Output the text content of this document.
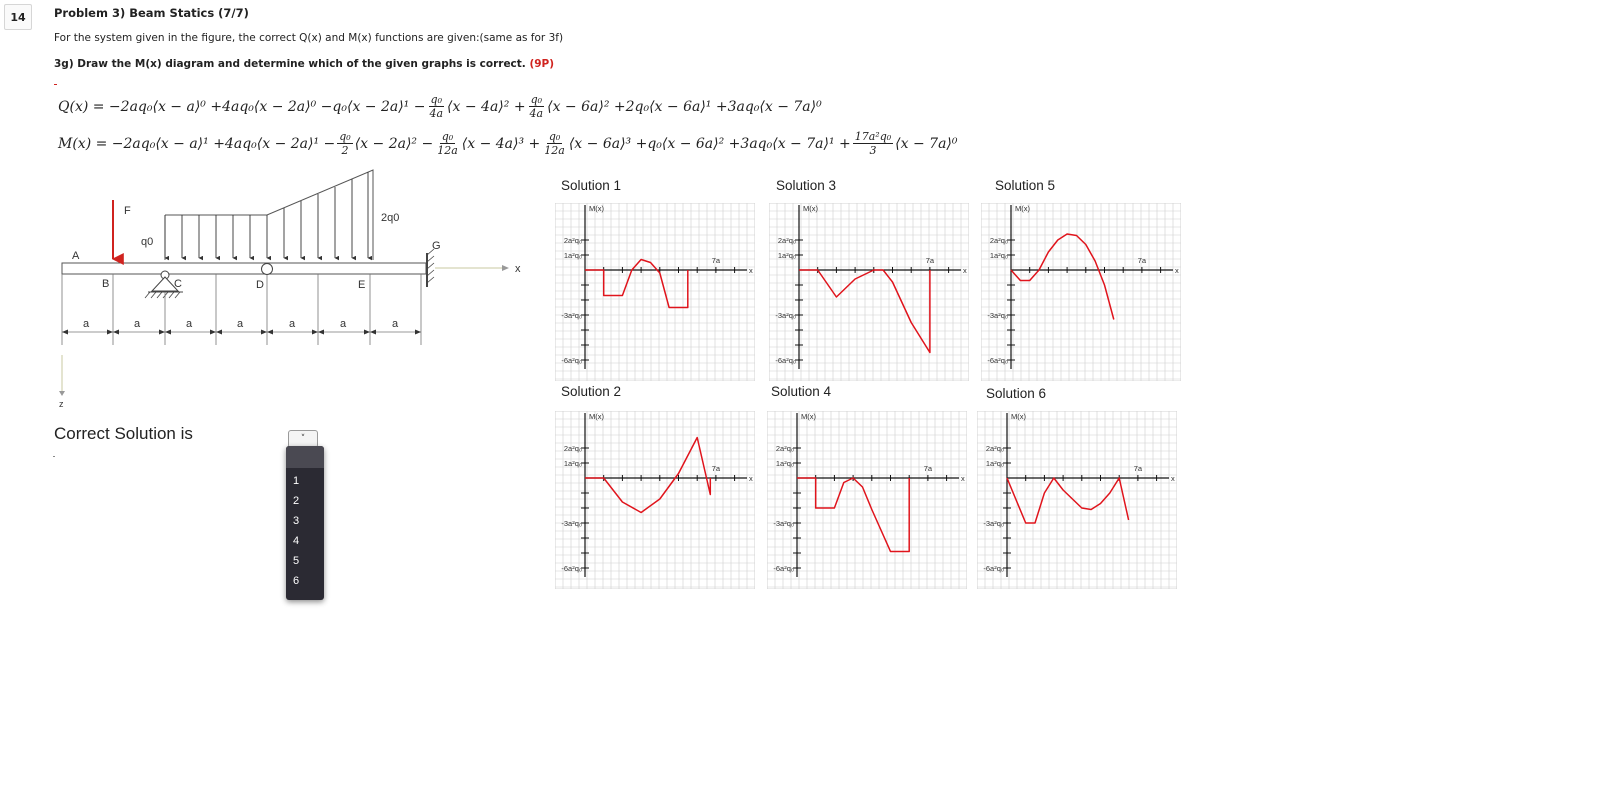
14	Problem 3) Beam Statics (7/7)
For the system given in the figure, the correct Q(x) and M(x) functions are given:(same as for 3f)
3g) Draw the M(x) diagram and determine which of the given graphs is correct. (9P)
Q(x) = −2aq₀⟨x − a⟩⁰ +4aq₀⟨x − 2a⟩⁰ −q₀⟨x − 2a⟩¹ − $\frac{\text{q₀}}{4a}$ ⟨x − 4a⟩² + $\frac{\text{q₀}}{4a}$ ⟨x − 6a⟩² +2q₀⟨x − 6a⟩¹ +3aq₀⟨x − 7a⟩⁰
M(x) = −2aq₀⟨x − a⟩¹ +4aq₀⟨x − 2a⟩¹ − $\frac{\text{q₀}}{2}$ ⟨x − 2a⟩² − $\frac{\text{q₀}}{12a}$ ⟨x − 4a⟩³ + $\frac{\text{q₀}}{12a}$ ⟨x − 6a⟩³ +q₀⟨x − 6a⟩² +3aq₀⟨x − 7a⟩¹ + $\frac{\text{17a²q₀}}{3}$ ⟨x − 7a⟩⁰
A
B	C	D	E
F
G
q0
2q0
x
z
a	a	a	a	a	a	a
Solution 1	Solution 3	Solution 5
Solution 2	Solution 4	Solution 6
M(x)
2a²q₀
1a²q₀
-3a²q₀
-6a²q₀
7a
x
M(x)
2a²q₀
1a²q₀
-3a²q₀
-6a²q₀
7a
x
M(x)
2a²q₀
1a²q₀
-3a²q₀
-6a²q₀
7a
x
M(x)
2a²q₀
1a²q₀
-3a²q₀
-6a²q₀
7a
x
M(x)
2a²q₀
1a²q₀
-3a²q₀
-6a²q₀
7a
x
M(x)
2a²q₀
1a²q₀
-3a²q₀
-6a²q₀
7a
x
Correct Solution is	˅
1
2
3
4
5
6
